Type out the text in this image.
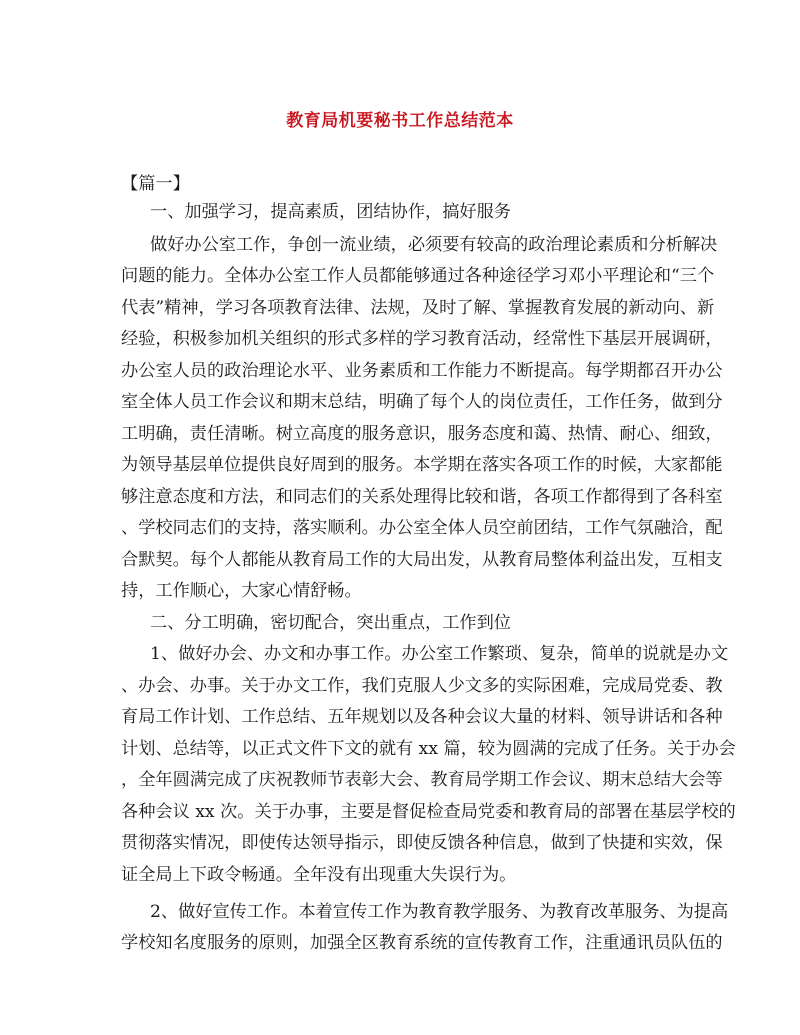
教育局机要秘书工作总结范本
【篇一】
一、加强学习，提高素质，团结协作，搞好服务
做好办公室工作，争创一流业绩，必须要有较高的政治理论素质和分析解决
问题的能力。全体办公室工作人员都能够通过各种途径学习邓小平理论和“三个
代表”精神，学习各项教育法律、法规，及时了解、掌握教育发展的新动向、新
经验，积极参加机关组织的形式多样的学习教育活动，经常性下基层开展调研，
办公室人员的政治理论水平、业务素质和工作能力不断提高。每学期都召开办公
室全体人员工作会议和期末总结，明确了每个人的岗位责任，工作任务，做到分
工明确，责任清晰。树立高度的服务意识，服务态度和蔼、热情、耐心、细致，
为领导基层单位提供良好周到的服务。本学期在落实各项工作的时候，大家都能
够注意态度和方法，和同志们的关系处理得比较和谐，各项工作都得到了各科室
、学校同志们的支持，落实顺利。办公室全体人员空前团结，工作气氛融洽，配
合默契。每个人都能从教育局工作的大局出发，从教育局整体利益出发，互相支
持，工作顺心，大家心情舒畅。
二、分工明确，密切配合，突出重点，工作到位
1、做好办会、办文和办事工作。办公室工作繁琐、复杂，简单的说就是办文
、办会、办事。关于办文工作，我们克服人少文多的实际困难，完成局党委、教
育局工作计划、工作总结、五年规划以及各种会议大量的材料、领导讲话和各种
计划、总结等，以正式文件下文的就有 xx 篇，较为圆满的完成了任务。关于办会
，全年圆满完成了庆祝教师节表彰大会、教育局学期工作会议、期末总结大会等
各种会议 xx 次。关于办事，主要是督促检查局党委和教育局的部署在基层学校的
贯彻落实情况，即使传达领导指示，即使反馈各种信息，做到了快捷和实效，保
证全局上下政令畅通。全年没有出现重大失误行为。
2、做好宣传工作。本着宣传工作为教育教学服务、为教育改革服务、为提高
学校知名度服务的原则，加强全区教育系统的宣传教育工作，注重通讯员队伍的
